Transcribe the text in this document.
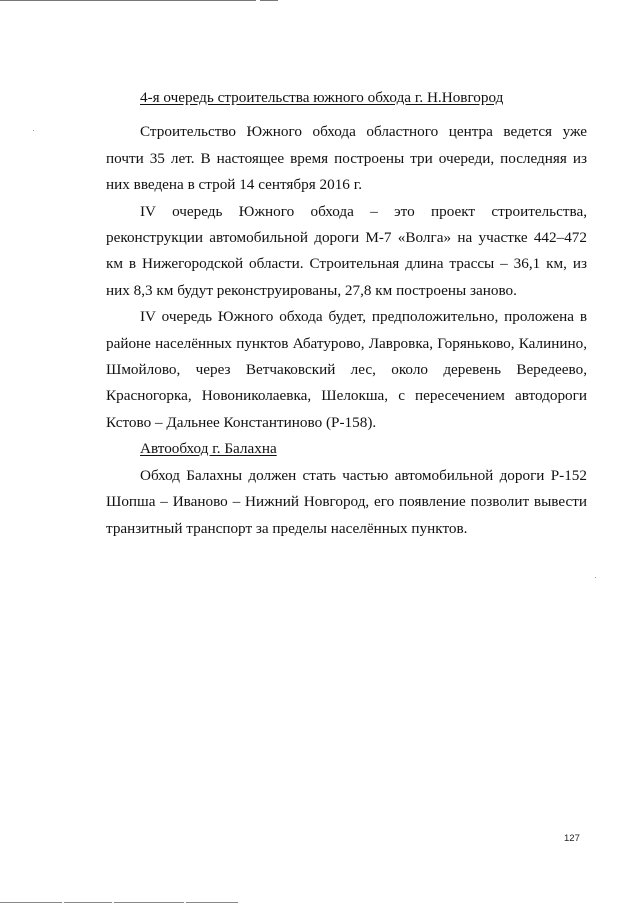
4-я очередь строительства южного обхода г. Н.Новгород

Строительство Южного обхода областного центра ведется уже почти 35 лет. В настоящее время построены три очереди, последняя из них введена в строй 14 сентября 2016 г.

IV очередь Южного обхода – это проект строительства, реконструкции автомобильной дороги М-7 «Волга» на участке 442–472 км в Нижегородской области. Строительная длина трассы – 36,1 км, из них 8,3 км будут реконструированы, 27,8 км построены заново.

IV очередь Южного обхода будет, предположительно, проложена в районе населённых пунктов Абатурово, Лавровка, Горяньково, Калинино, Шмойлово, через Ветчаковский лес, около деревень Вередеево, Красногорка, Новониколаевка, Шелокша, с пересечением автодороги Кстово – Дальнее Константиново (Р-158).

Автообход г. Балахна

Обход Балахны должен стать частью автомобильной дороги Р-152 Шопша – Иваново – Нижний Новгород, его появление позволит вывести транзитный транспорт за пределы населённых пунктов.

127
